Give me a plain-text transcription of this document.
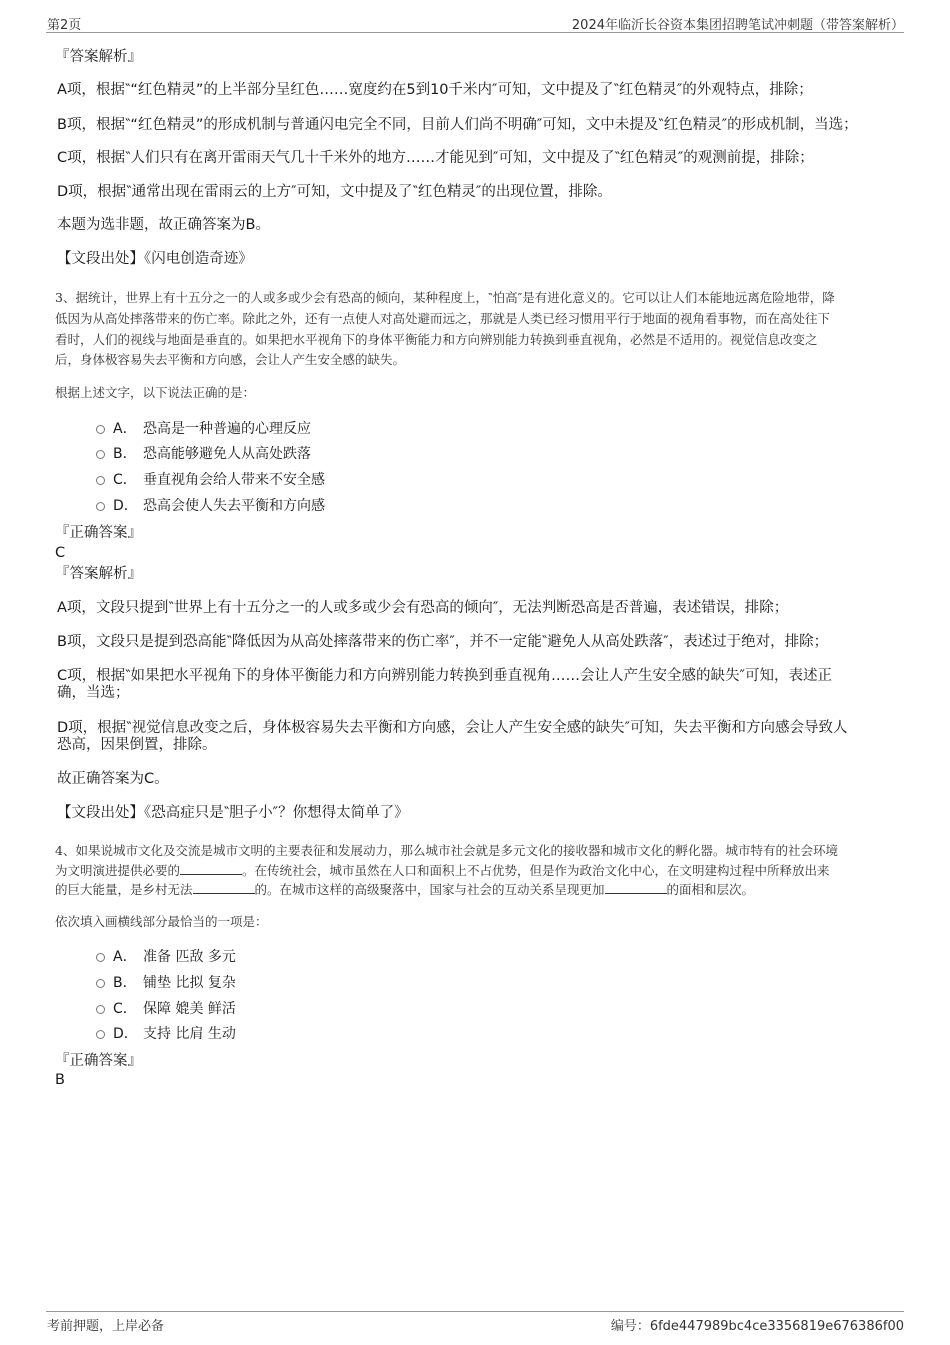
第2页	2024年临沂长谷资本集团招聘笔试冲刺题（带答案解析）

『答案解析』

A项，根据‶“红色精灵”的上半部分呈红色……宽度约在5到10千米内″可知，文中提及了‶红色精灵″的外观特点，排除；

B项，根据‶“红色精灵”的形成机制与普通闪电完全不同，目前人们尚不明确″可知，文中未提及‶红色精灵″的形成机制，当选；

C项，根据‶人们只有在离开雷雨天气几十千米外的地方……才能见到″可知，文中提及了‶红色精灵″的观测前提，排除；

D项，根据‶通常出现在雷雨云的上方″可知，文中提及了‶红色精灵″的出现位置，排除。

本题为选非题，故正确答案为B。

【文段出处】《闪电创造奇迹》

3、据统计，世界上有十五分之一的人或多或少会有恐高的倾向，某种程度上，‶怕高″是有进化意义的。它可以让人们本能地远离危险地带，降

低因为从高处摔落带来的伤亡率。除此之外，还有一点使人对高处避而远之，那就是人类已经习惯用平行于地面的视角看事物，而在高处往下

看时，人们的视线与地面是垂直的。如果把水平视角下的身体平衡能力和方向辨别能力转换到垂直视角，必然是不适用的。视觉信息改变之

后，身体极容易失去平衡和方向感，会让人产生安全感的缺失。

根据上述文字，以下说法正确的是：

A． 恐高是一种普遍的心理反应
B． 恐高能够避免人从高处跌落
C． 垂直视角会给人带来不安全感
D． 恐高会使人失去平衡和方向感

『正确答案』

C

『答案解析』

A项，文段只提到‶世界上有十五分之一的人或多或少会有恐高的倾向″，无法判断恐高是否普遍，表述错误，排除；

B项，文段只是提到恐高能‶降低因为从高处摔落带来的伤亡率″，并不一定能‶避免人从高处跌落″，表述过于绝对，排除；

C项，根据‶如果把水平视角下的身体平衡能力和方向辨别能力转换到垂直视角……会让人产生安全感的缺失″可知，表述正

确，当选；

D项，根据‶视觉信息改变之后，身体极容易失去平衡和方向感，会让人产生安全感的缺失″可知，失去平衡和方向感会导致人

恐高，因果倒置，排除。

故正确答案为C。

【文段出处】《恐高症只是‶胆子小″？你想得太简单了》

4、如果说城市文化及交流是城市文明的主要表征和发展动力，那么城市社会就是多元文化的接收器和城市文化的孵化器。城市特有的社会环境

为文明演进提供必要的	。在传统社会，城市虽然在人口和面积上不占优势，但是作为政治文化中心，在文明建构过程中所释放出来

的巨大能量，是乡村无法	的。在城市这样的高级聚落中，国家与社会的互动关系呈现更加	的面相和层次。

依次填入画横线部分最恰当的一项是：

A． 准备 匹敌 多元
B． 铺垫 比拟 复杂
C． 保障 媲美 鲜活
D． 支持 比肩 生动

『正确答案』

B

考前押题，上岸必备	编号：6fde447989bc4ce3356819e676386f00
